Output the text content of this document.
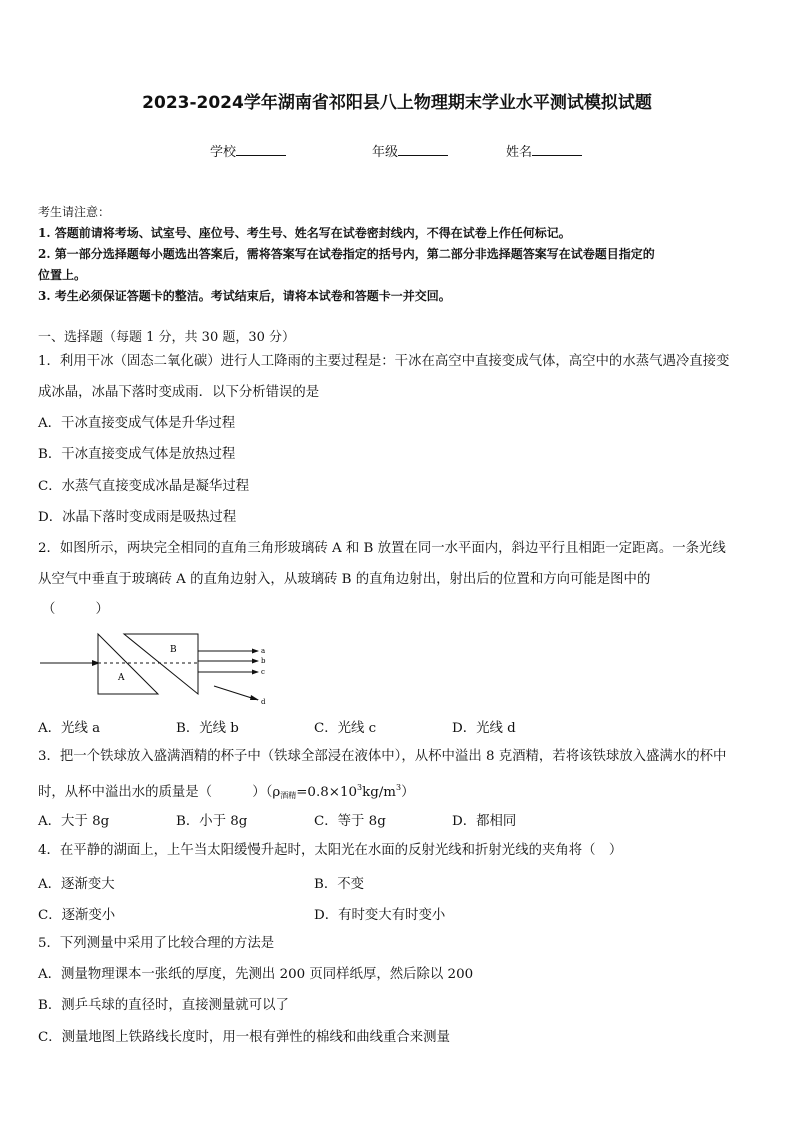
2023-2024学年湖南省祁阳县八上物理期末学业水平测试模拟试题
学校	年级	姓名
考生请注意：
1. 答题前请将考场、试室号、座位号、考生号、姓名写在试卷密封线内，不得在试卷上作任何标记。
2. 第一部分选择题每小题选出答案后，需将答案写在试卷指定的括号内，第二部分非选择题答案写在试卷题目指定的
位置上。
3. 考生必须保证答题卡的整洁。考试结束后，请将本试卷和答题卡一并交回。
一、选择题（每题 1 分，共 30 题，30 分）
1．利用干冰（固态二氧化碳）进行人工降雨的主要过程是：干冰在高空中直接变成气体，高空中的水蒸气遇冷直接变
成冰晶，冰晶下落时变成雨．以下分析错误的是
A．干冰直接变成气体是升华过程
B．干冰直接变成气体是放热过程
C．水蒸气直接变成冰晶是凝华过程
D．冰晶下落时变成雨是吸热过程
2．如图所示，两块完全相同的直角三角形玻璃砖 A 和 B 放置在同一水平面内，斜边平行且相距一定距离。一条光线
从空气中垂直于玻璃砖 A 的直角边射入，从玻璃砖 B 的直角边射出，射出后的位置和方向可能是图中的
（　　　）
A
B	a
b
c
d
A．光线 a	B．光线 b	C．光线 c	D．光线 d
3．把一个铁球放入盛满酒精的杯子中（铁球全部浸在液体中），从杯中溢出 8 克酒精，若将该铁球放入盛满水的杯中
时，从杯中溢出水的质量是（　　　）$(\rho_{酒精}=0.8\times 10^3kg/m^3)$
A．大于 8g	B．小于 8g	C．等于 8g	D．都相同
4．在平静的湖面上，上午当太阳缓慢升起时，太阳光在水面的反射光线和折射光线的夹角将（　）
A．逐渐变大	B．不变
C．逐渐变小	D．有时变大有时变小
5．下列测量中采用了比较合理的方法是
A．测量物理课本一张纸的厚度，先测出 200 页同样纸厚，然后除以 200
B．测乒乓球的直径时，直接测量就可以了
C．测量地图上铁路线长度时，用一根有弹性的棉线和曲线重合来测量
